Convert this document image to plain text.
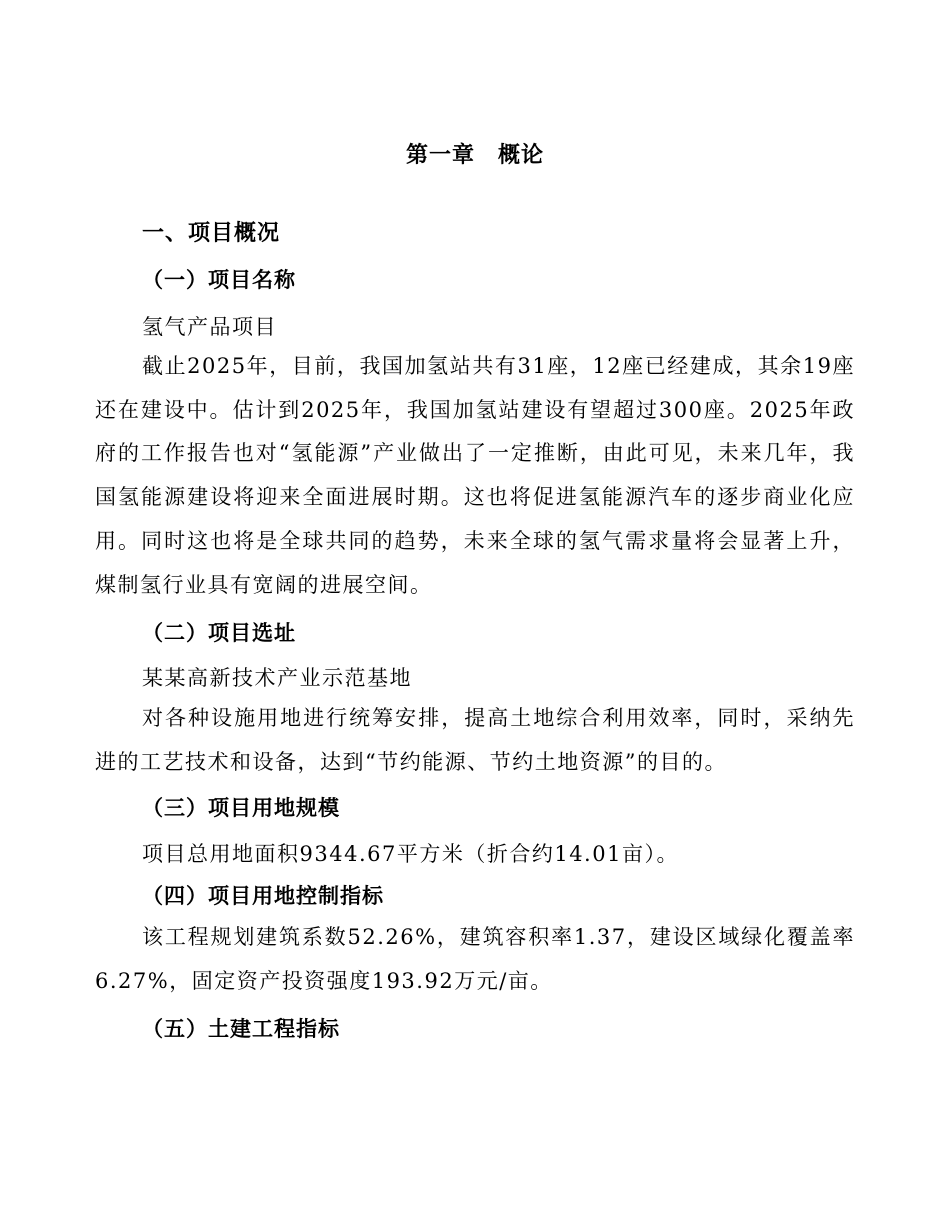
第一章　概论
一、项目概况
（一）项目名称
氢气产品项目

截止2025年，目前，我国加氢站共有31座，12座已经建成，其余19座还在建设中。估计到2025年，我国加氢站建设有望超过300座。2025年政府的工作报告也对“氢能源”产业做出了一定推断，由此可见，未来几年，我国氢能源建设将迎来全面进展时期。这也将促进氢能源汽车的逐步商业化应用。同时这也将是全球共同的趋势，未来全球的氢气需求量将会显著上升，煤制氢行业具有宽阔的进展空间。

（二）项目选址
某某高新技术产业示范基地

对各种设施用地进行统筹安排，提高土地综合利用效率，同时，采纳先进的工艺技术和设备，达到“节约能源、节约土地资源”的目的。

（三）项目用地规模
项目总用地面积9344.67平方米（折合约14.01亩）。
（四）项目用地控制指标

该工程规划建筑系数52.26%，建筑容积率1.37，建设区域绿化覆盖率6.27%，固定资产投资强度193.92万元/亩。

（五）土建工程指标
